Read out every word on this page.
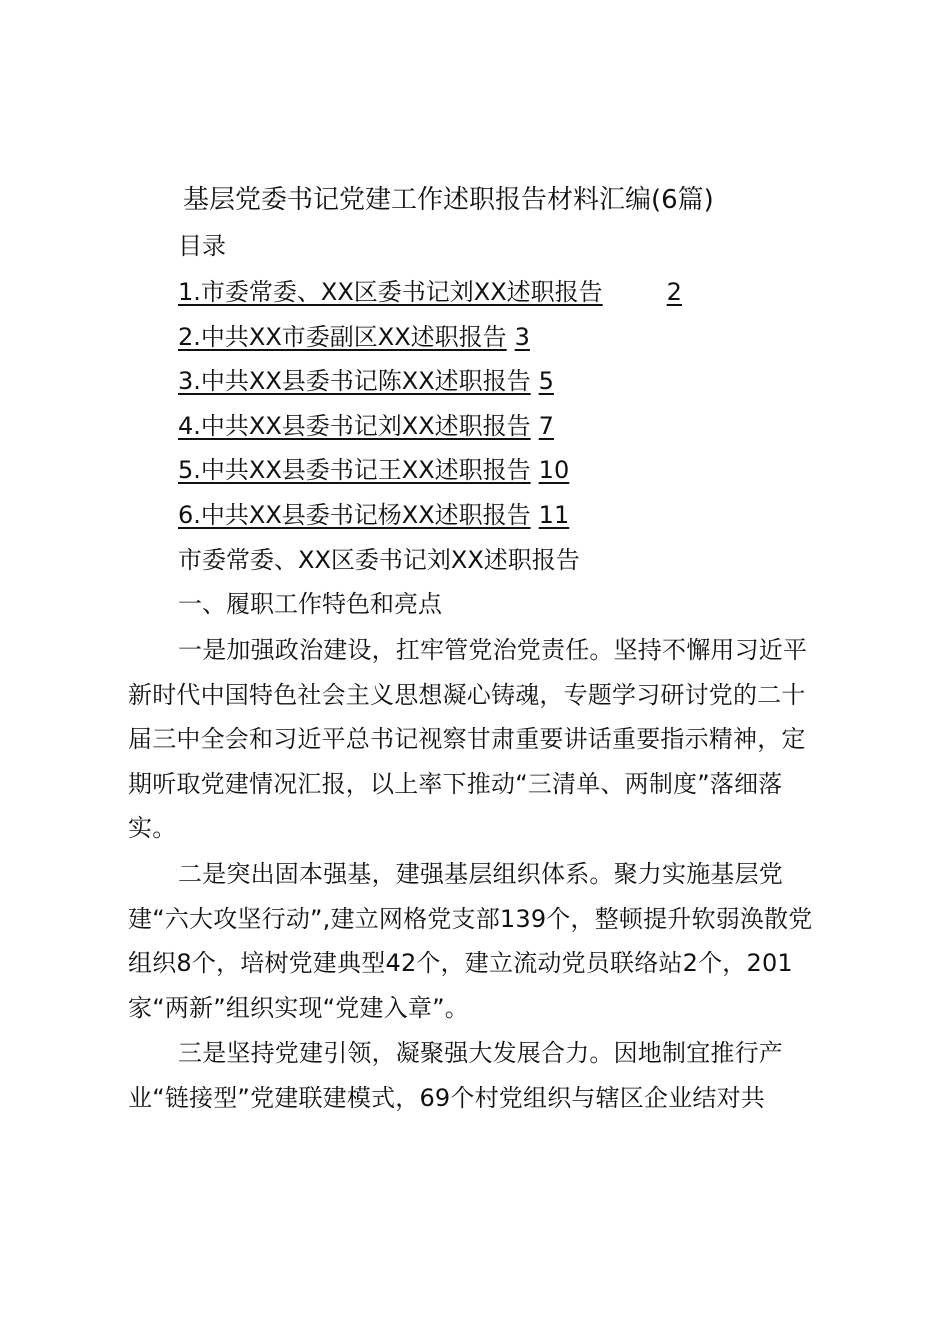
基层党委书记党建工作述职报告材料汇编(6篇)
目录
1.市委常委、XX区委书记刘XX述职报告	2
2.中共XX市委副区XX述职报告 3
3.中共XX县委书记陈XX述职报告 5
4.中共XX县委书记刘XX述职报告 7
5.中共XX县委书记王XX述职报告 10
6.中共XX县委书记杨XX述职报告 11
市委常委、XX区委书记刘XX述职报告
一、履职工作特色和亮点

一是加强政治建设，扛牢管党治党责任。坚持不懈用习近平新时代中国特色社会主义思想凝心铸魂，专题学习研讨党的二十届三中全会和习近平总书记视察甘肃重要讲话重要指示精神，定期听取党建情况汇报，以上率下推动“三清单、两制度”落细落实。

二是突出固本强基，建强基层组织体系。聚力实施基层党建“六大攻坚行动”,建立网格党支部139个，整顿提升软弱涣散党组织8个，培树党建典型42个，建立流动党员联络站2个，201家“两新”组织实现“党建入章”。

三是坚持党建引领，凝聚强大发展合力。因地制宜推行产业“链接型”党建联建模式，69个村党组织与辖区企业结对共
